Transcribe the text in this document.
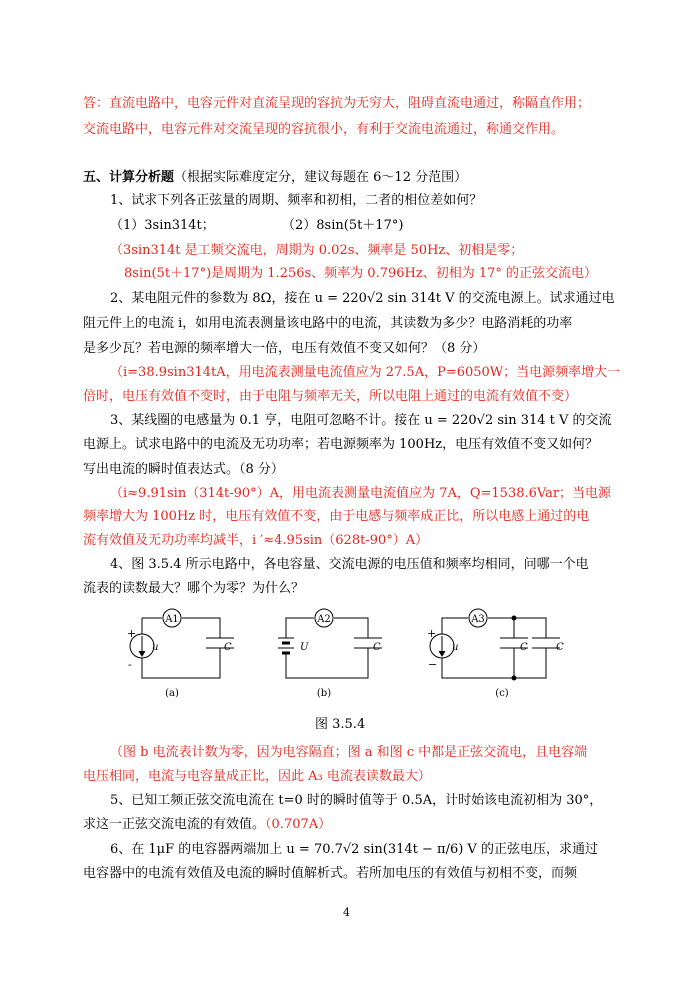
答：直流电路中，电容元件对直流呈现的容抗为无穷大，阻碍直流电通过，称隔直作用；
交流电路中，电容元件对交流呈现的容抗很小，有利于交流电流通过，称通交作用。
五、计算分析题（根据实际难度定分，建议每题在 6～12 分范围）
1、试求下列各正弦量的周期、频率和初相，二者的相位差如何？
（1）3sin314t；	（2）8sin(5t＋17°)
（3sin314t 是工频交流电，周期为 0.02s、频率是 50Hz、初相是零；
8sin(5t＋17°)是周期为 1.256s、频率为 0.796Hz、初相为 17° 的正弦交流电）
2、某电阻元件的参数为 8Ω，接在 u = 220√2 sin 314t V 的交流电源上。试求通过电
阻元件上的电流 i，如用电流表测量该电路中的电流，其读数为多少？电路消耗的功率
是多少瓦？若电源的频率增大一倍，电压有效值不变又如何？（8 分）
（i=38.9sin314tA，用电流表测量电流值应为 27.5A，P=6050W；当电源频率增大一
倍时，电压有效值不变时，由于电阻与频率无关，所以电阻上通过的电流有效值不变）
3、某线圈的电感量为 0.1 亨，电阻可忽略不计。接在 u = 220√2 sin 314 t V 的交流
电源上。试求电路中的电流及无功功率；若电源频率为 100Hz，电压有效值不变又如何？
写出电流的瞬时值表达式。（8 分）
（i≈9.91sin（314t-90°）A，用电流表测量电流值应为 7A，Q=1538.6Var；当电源
频率增大为 100Hz 时，电压有效值不变，由于电感与频率成正比，所以电感上通过的电
流有效值及无功功率均减半，i ′≈4.95sin（628t-90°）A）
4、图 3.5.4 所示电路中，各电容量、交流电源的电压值和频率均相同，问哪一个电
流表的读数最大？哪个为零？为什么？
A1
u	C
+
-
(a)
A2
U	C
(b)
A3
u	C	C
+
−
(c)
图 3.5.4
（图 b 电流表计数为零，因为电容隔直；图 a 和图 c 中都是正弦交流电，且电容端
电压相同，电流与电容量成正比，因此 A₃ 电流表读数最大）
5、已知工频正弦交流电流在 t=0 时的瞬时值等于 0.5A，计时始该电流初相为 30°，
求这一正弦交流电流的有效值。（0.707A）
6、在 1μF 的电容器两端加上 u = 70.7√2 sin(314t − π/6) V 的正弦电压，求通过
电容器中的电流有效值及电流的瞬时值解析式。若所加电压的有效值与初相不变，而频
4
